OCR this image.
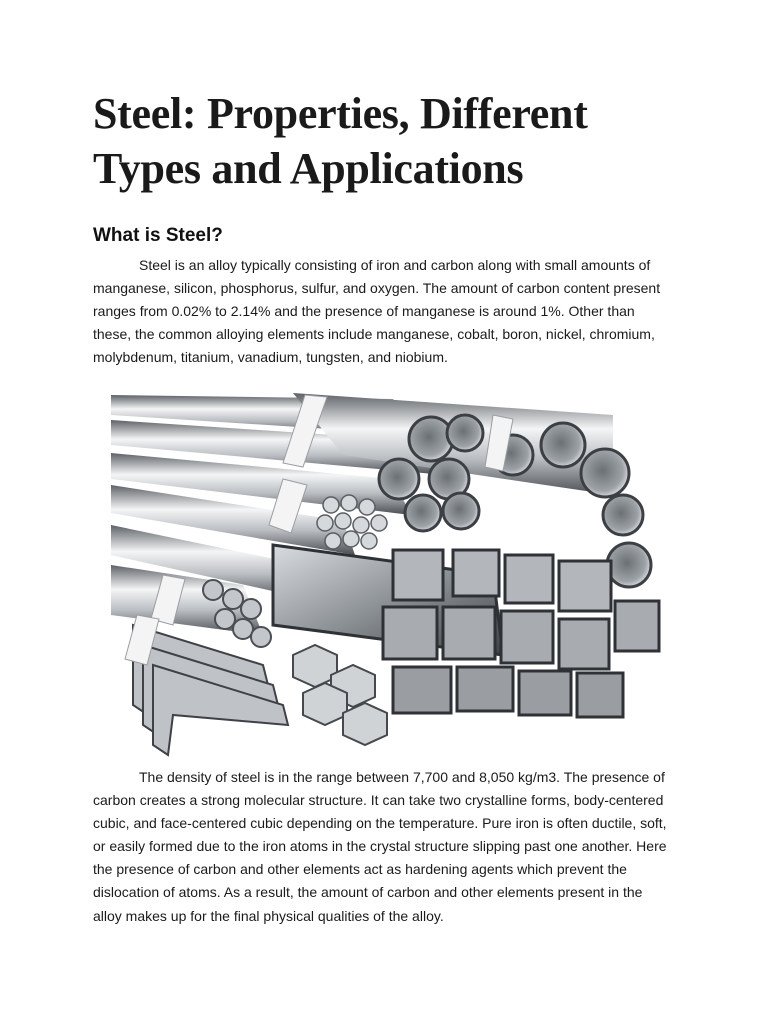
Steel: Properties, Different
Types and Applications
What is Steel?

Steel is an alloy typically consisting of iron and carbon along with small amounts of
manganese, silicon, phosphorus, sulfur, and oxygen. The amount of carbon content present
ranges from 0.02% to 2.14% and the presence of manganese is around 1%. Other than
these, the common alloying elements include manganese, cobalt, boron, nickel, chromium,
molybdenum, titanium, vanadium, tungsten, and niobium.

The density of steel is in the range between 7,700 and 8,050 kg/m3. The presence of
carbon creates a strong molecular structure. It can take two crystalline forms, body-centered
cubic, and face-centered cubic depending on the temperature. Pure iron is often ductile, soft,
or easily formed due to the iron atoms in the crystal structure slipping past one another. Here
the presence of carbon and other elements act as hardening agents which prevent the
dislocation of atoms. As a result, the amount of carbon and other elements present in the
alloy makes up for the final physical qualities of the alloy.
